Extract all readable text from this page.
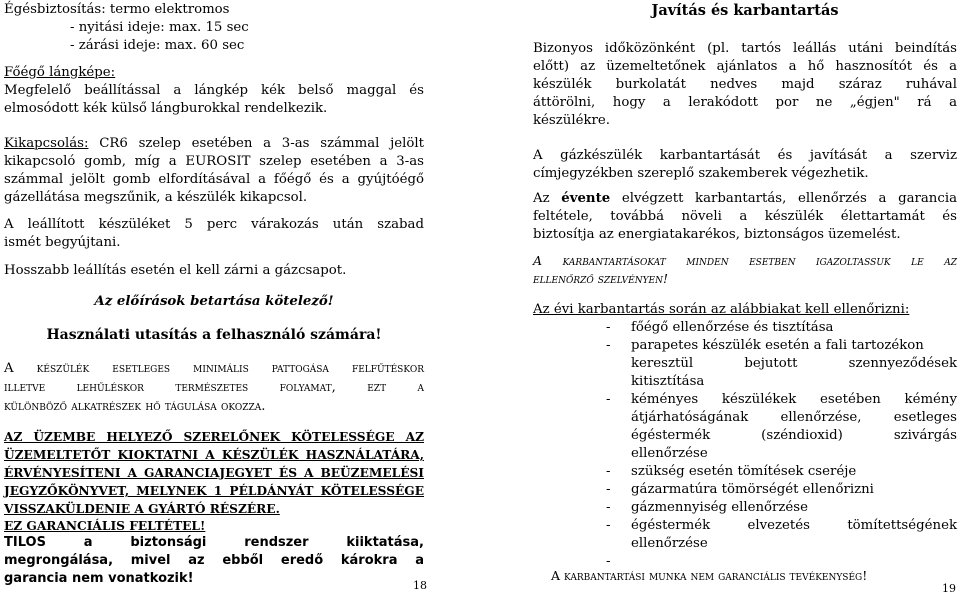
Égésbiztosítás: termo elektromos
- nyitási ideje: max. 15 sec
- zárási ideje: max. 60 sec
Főégő lángképe:
Megfelelő beállítással a lángkép kék belső maggal és
elmosódott kék külső lángburokkal rendelkezik.
Kikapcsolás: CR6 szelep esetében a 3-as számmal jelölt
kikapcsoló gomb, míg a EUROSIT szelep esetében a 3-as
számmal jelölt gomb elfordításával a főégő és a gyújtóégő
gázellátása megszűnik, a készülék kikapcsol.
A leállított készüléket 5 perc várakozás után szabad
ismét begyújtani.
Hosszabb leállítás esetén el kell zárni a gázcsapot.
Az előírások betartása kötelező!
Használati utasítás a felhasználó számára!
A készülék esetleges minimális pattogása felfűtéskor
illetve lehűléskor természetes folyamat, ezt a
különböző alkatrészek hő tágulása okozza.
AZ ÜZEMBE HELYEZŐ SZERELŐNEK KÖTELESSÉGE AZ
ÜZEMELTETŐT KIOKTATNI A KÉSZÜLÉK HASZNÁLATÁRA,
ÉRVÉNYESÍTENI A GARANCIAJEGYET ÉS A BEÜZEMELÉSI
JEGYZŐKÖNYVET, MELYNEK 1 PÉLDÁNYÁT KÖTELESSÉGE
VISSZAKÜLDENIE A GYÁRTÓ RÉSZÉRE.
EZ GARANCIÁLIS FELTÉTEL!
TILOS a biztonsági rendszer kiiktatása,
megrongálása, mivel az ebből eredő károkra a
garancia nem vonatkozik!	18
Javítás és karbantartás
Bizonyos időközönként (pl. tartós leállás utáni beindítás
előtt) az üzemeltetőnek ajánlatos a hő hasznosítót és a
készülék burkolatát nedves majd száraz ruhával
áttörölni, hogy a lerakódott por ne „égjen" rá a
készülékre.
A gázkészülék karbantartását és javítását a szerviz
címjegyzékben szereplő szakemberek végezhetik.
Az évente elvégzett karbantartás, ellenőrzés a garancia
feltétele, továbbá növeli a készülék élettartamát és
biztosítja az energiatakarékos, biztonságos üzemelést.
A karbantartásokat minden esetben igazoltassuk le az
ellenőrző szelvényen!
Az évi karbantartás során az alábbiakat kell ellenőrizni:
- főégő ellenőrzése és tisztítása
- parapetes készülék esetén a fali tartozékon
keresztül bejutott szennyeződések
kitisztítása
- kéményes készülékek esetében kémény
átjárhatóságának ellenőrzése, esetleges
égéstermék (széndioxid) szivárgás
ellenőrzése
- szükség esetén tömítések cseréje
- gázarmatúra tömörségét ellenőrizni
- gázmennyiség ellenőrzése
- égéstermék elvezetés tömítettségének
ellenőrzése
-
A karbantartási munka nem garanciális tevékenység!
19
